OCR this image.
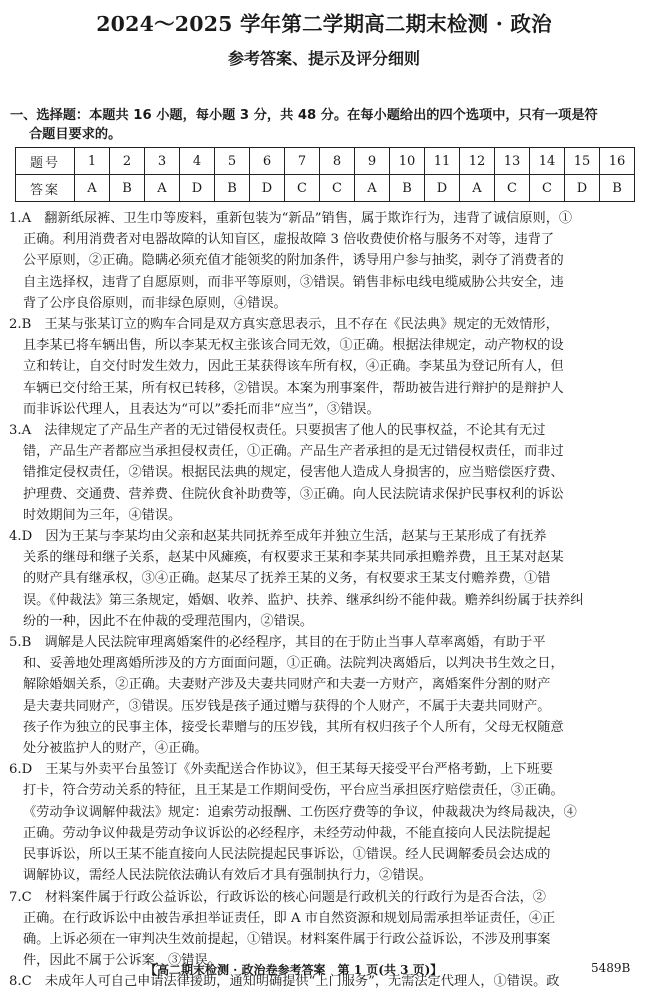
2024～2025 学年第二学期高二期末检测 · 政治
参考答案、提示及评分细则
一、选择题：本题共 16 小题，每小题 3 分，共 48 分。在每小题给出的四个选项中，只有一项是符
合题目要求的。
题号	1	2	3	4	5	6	7	8	9	10	11	12	13	14	15	16
答案	A	B	A	D	B	D	C	C	A	B	D	A	C	C	D	B
1.A　翻新纸尿裤、卫生巾等废料，重新包装为“新品”销售，属于欺诈行为，违背了诚信原则，①
正确。利用消费者对电器故障的认知盲区，虚报故障 3 倍收费使价格与服务不对等，违背了
公平原则，②正确。隐瞒必须充值才能领奖的附加条件，诱导用户参与抽奖，剥夺了消费者的
自主选择权，违背了自愿原则，而非平等原则，③错误。销售非标电线电缆威胁公共安全，违
背了公序良俗原则，而非绿色原则，④错误。
2.B　王某与张某订立的购车合同是双方真实意思表示，且不存在《民法典》规定的无效情形，
且李某已将车辆出售，所以李某无权主张该合同无效，①正确。根据法律规定，动产物权的设
立和转让，自交付时发生效力，因此王某获得该车所有权，④正确。李某虽为登记所有人，但
车辆已交付给王某，所有权已转移，②错误。本案为刑事案件，帮助被告进行辩护的是辩护人
而非诉讼代理人，且表达为“可以”委托而非“应当”，③错误。
3.A　法律规定了产品生产者的无过错侵权责任。只要损害了他人的民事权益，不论其有无过
错，产品生产者都应当承担侵权责任，①正确。产品生产者承担的是无过错侵权责任，而非过
错推定侵权责任，②错误。根据民法典的规定，侵害他人造成人身损害的，应当赔偿医疗费、
护理费、交通费、营养费、住院伙食补助费等，③正确。向人民法院请求保护民事权利的诉讼
时效期间为三年，④错误。
4.D　因为王某与李某均由父亲和赵某共同抚养至成年并独立生活，赵某与王某形成了有抚养
关系的继母和继子关系，赵某中风瘫痪，有权要求王某和李某共同承担赡养费，且王某对赵某
的财产具有继承权，③④正确。赵某尽了抚养王某的义务，有权要求王某支付赡养费，①错
误。《仲裁法》第三条规定，婚姻、收养、监护、扶养、继承纠纷不能仲裁。赡养纠纷属于扶养纠
纷的一种，因此不在仲裁的受理范围内，②错误。
5.B　调解是人民法院审理离婚案件的必经程序，其目的在于防止当事人草率离婚，有助于平
和、妥善地处理离婚所涉及的方方面面问题，①正确。法院判决离婚后，以判决书生效之日，
解除婚姻关系，②正确。夫妻财产涉及夫妻共同财产和夫妻一方财产，离婚案件分割的财产
是夫妻共同财产，③错误。压岁钱是孩子通过赠与获得的个人财产，不属于夫妻共同财产。
孩子作为独立的民事主体，接受长辈赠与的压岁钱，其所有权归孩子个人所有，父母无权随意
处分被监护人的财产，④正确。
6.D　王某与外卖平台虽签订《外卖配送合作协议》，但王某每天接受平台严格考勤，上下班要
打卡，符合劳动关系的特征，且王某是工作期间受伤，平台应当承担医疗赔偿责任，③正确。
《劳动争议调解仲裁法》规定：追索劳动报酬、工伤医疗费等的争议，仲裁裁决为终局裁决，④
正确。劳动争议仲裁是劳动争议诉讼的必经程序，未经劳动仲裁，不能直接向人民法院提起
民事诉讼，所以王某不能直接向人民法院提起民事诉讼，①错误。经人民调解委员会达成的
调解协议，需经人民法院依法确认有效后才具有强制执行力，②错误。
7.C　材料案件属于行政公益诉讼，行政诉讼的核心问题是行政机关的行政行为是否合法，②
正确。在行政诉讼中由被告承担举证责任，即 A 市自然资源和规划局需承担举证责任，④正
确。上诉必须在一审判决生效前提起，①错误。材料案件属于行政公益诉讼，不涉及刑事案
件，因此不属于公诉案，③错误。
8.C　未成年人可自己申请法律援助，通知明确提供“上门服务”，无需法定代理人，①错误。政
【高二期末检测 · 政治卷参考答案　第 1 页(共 3 页)】	5489B
